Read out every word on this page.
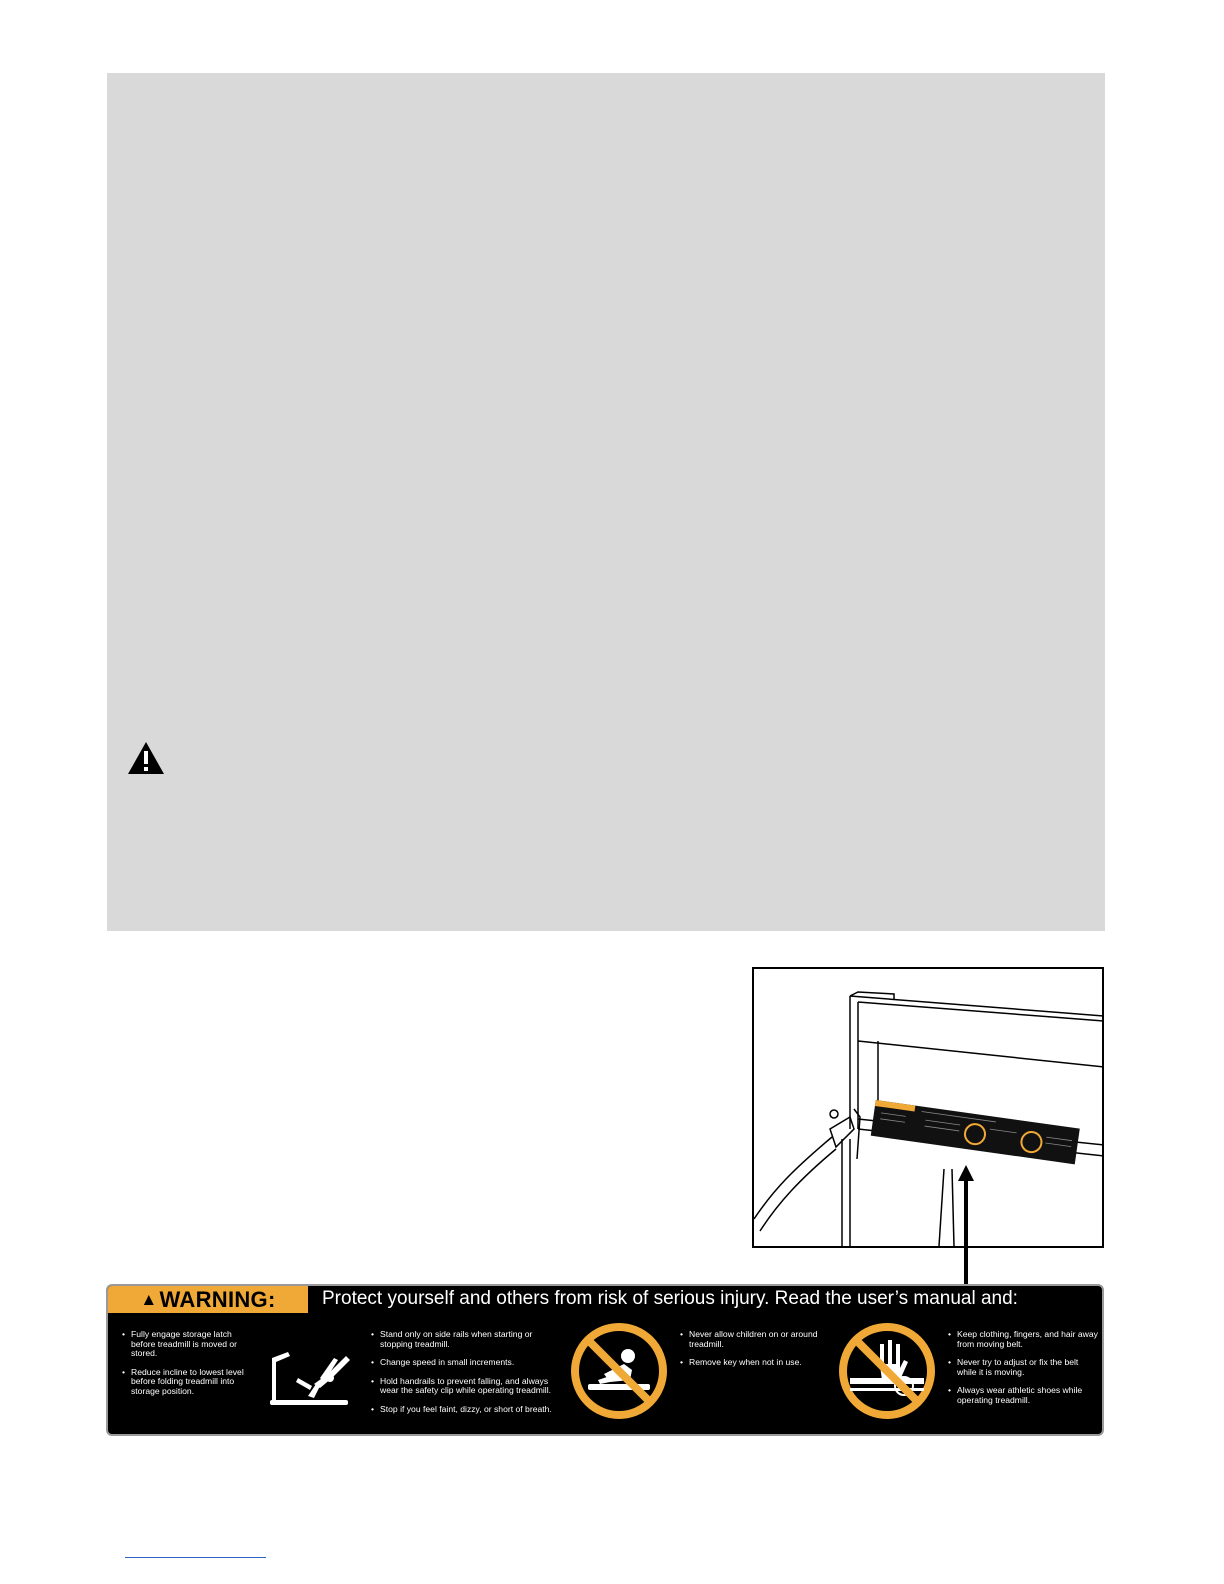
▲ WARNING: Protect yourself and others from risk of serious injury. Read the user’s manual and:
• Fully engage storage latch before treadmill is moved or stored.
• Reduce incline to lowest level before folding treadmill into storage position.
• Stand only on side rails when starting or stopping treadmill.
• Change speed in small increments.
• Hold handrails to prevent falling, and always wear the safety clip while operating treadmill.
• Stop if you feel faint, dizzy, or short of breath.
• Never allow children on or around treadmill.
• Remove key when not in use.
• Keep clothing, fingers, and hair away from moving belt.
• Never try to adjust or fix the belt while it is moving.
• Always wear athletic shoes while operating treadmill.
